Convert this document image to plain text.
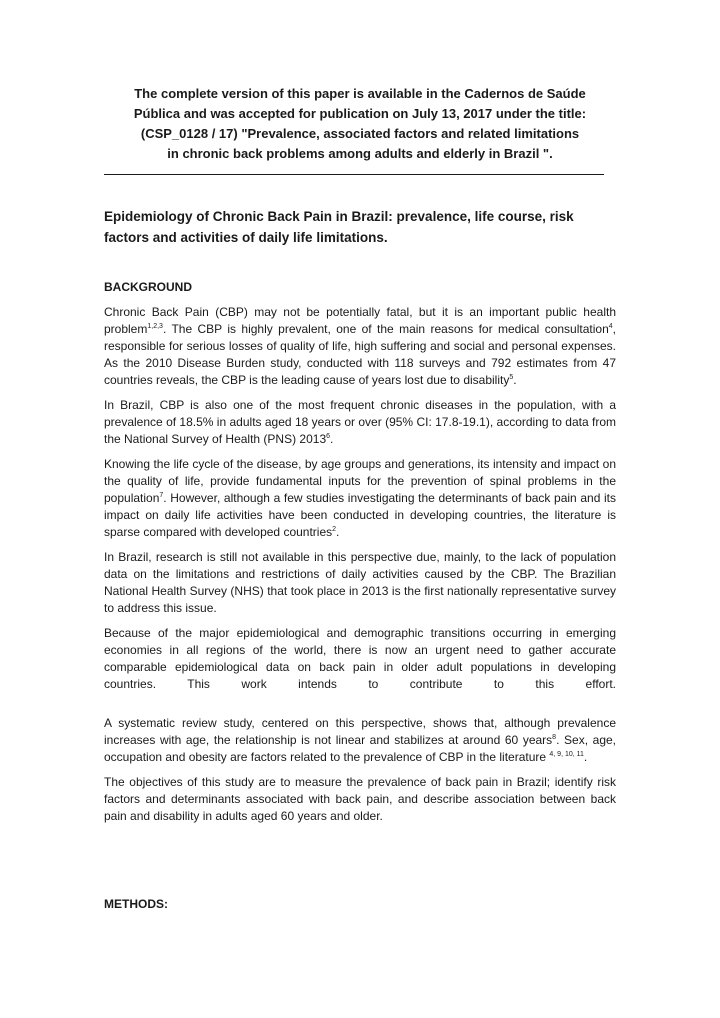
The complete version of this paper is available in the Cadernos de Saúde
Pública and was accepted for publication on July 13, 2017 under the title:
(CSP_0128 / 17) "Prevalence, associated factors and related limitations
in chronic back problems among adults and elderly in Brazil ".
Epidemiology of Chronic Back Pain in Brazil: prevalence, life course, risk factors and activities of daily life limitations.
BACKGROUND

Chronic Back Pain (CBP) may not be potentially fatal, but it is an important public health problem$^{1,2,3}$. The CBP is highly prevalent, one of the main reasons for medical consultation$^4$, responsible for serious losses of quality of life, high suffering and social and personal expenses. As the 2010 Disease Burden study, conducted with 118 surveys and 792 estimates from 47 countries reveals, the CBP is the leading cause of years lost due to disability$^5$.

In Brazil, CBP is also one of the most frequent chronic diseases in the population, with a prevalence of 18.5% in adults aged 18 years or over (95% CI: 17.8-19.1), according to data from the National Survey of Health (PNS) 2013$^6$.

Knowing the life cycle of the disease, by age groups and generations, its intensity and impact on the quality of life, provide fundamental inputs for the prevention of spinal problems in the population$^7$. However, although a few studies investigating the determinants of back pain and its impact on daily life activities have been conducted in developing countries, the literature is sparse compared with developed countries$^2$.

In Brazil, research is still not available in this perspective due, mainly, to the lack of population data on the limitations and restrictions of daily activities caused by the CBP. The Brazilian National Health Survey (NHS) that took place in 2013 is the first nationally representative survey to address this issue.

Because of the major epidemiological and demographic transitions occurring in emerging economies in all regions of the world, there is now an urgent need to gather accurate comparable epidemiological data on back pain in older adult populations in developing countries. This work intends to contribute to this effort.

A systematic review study, centered on this perspective, shows that, although prevalence increases with age, the relationship is not linear and stabilizes at around 60 years$^8$. Sex, age, occupation and obesity are factors related to the prevalence of CBP in the literature $^{4, 9, 10, 11}$.

The objectives of this study are to measure the prevalence of back pain in Brazil; identify risk factors and determinants associated with back pain, and describe association between back pain and disability in adults aged 60 years and older.

METHODS:
